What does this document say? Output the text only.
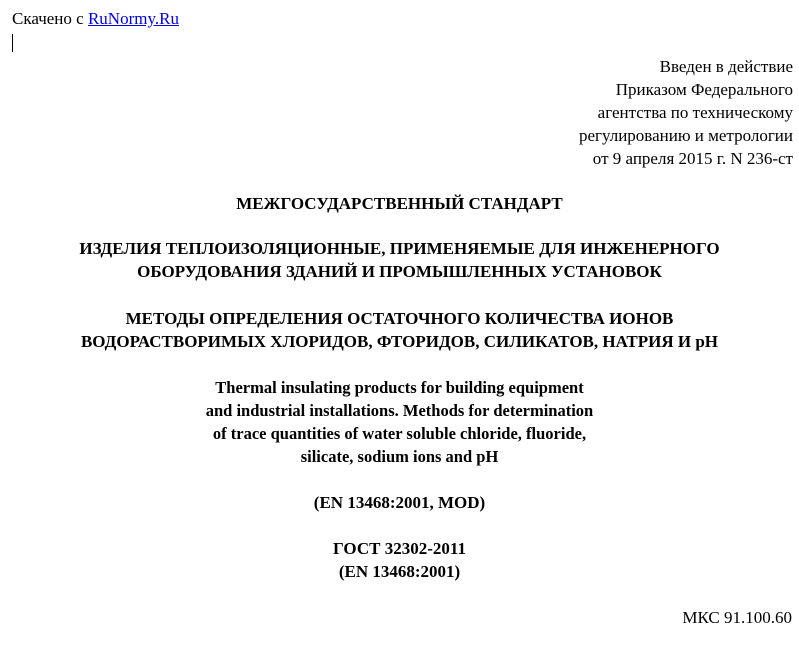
Скачено с RuNormy.Ru
Введен в действие
Приказом Федерального
агентства по техническому
регулированию и метрологии
от 9 апреля 2015 г. N 236-ст
МЕЖГОСУДАРСТВЕННЫЙ СТАНДАРТ
ИЗДЕЛИЯ ТЕПЛОИЗОЛЯЦИОННЫЕ, ПРИМЕНЯЕМЫЕ ДЛЯ ИНЖЕНЕРНОГО
ОБОРУДОВАНИЯ ЗДАНИЙ И ПРОМЫШЛЕННЫХ УСТАНОВОК
МЕТОДЫ ОПРЕДЕЛЕНИЯ ОСТАТОЧНОГО КОЛИЧЕСТВА ИОНОВ
ВОДОРАСТВОРИМЫХ ХЛОРИДОВ, ФТОРИДОВ, СИЛИКАТОВ, НАТРИЯ И рН
Thermal insulating products for building equipment
and industrial installations. Methods for determination
of trace quantities of water soluble chloride, fluoride,
silicate, sodium ions and pH
(EN 13468:2001, MOD)
ГОСТ 32302-2011
(EN 13468:2001)
МКС 91.100.60
